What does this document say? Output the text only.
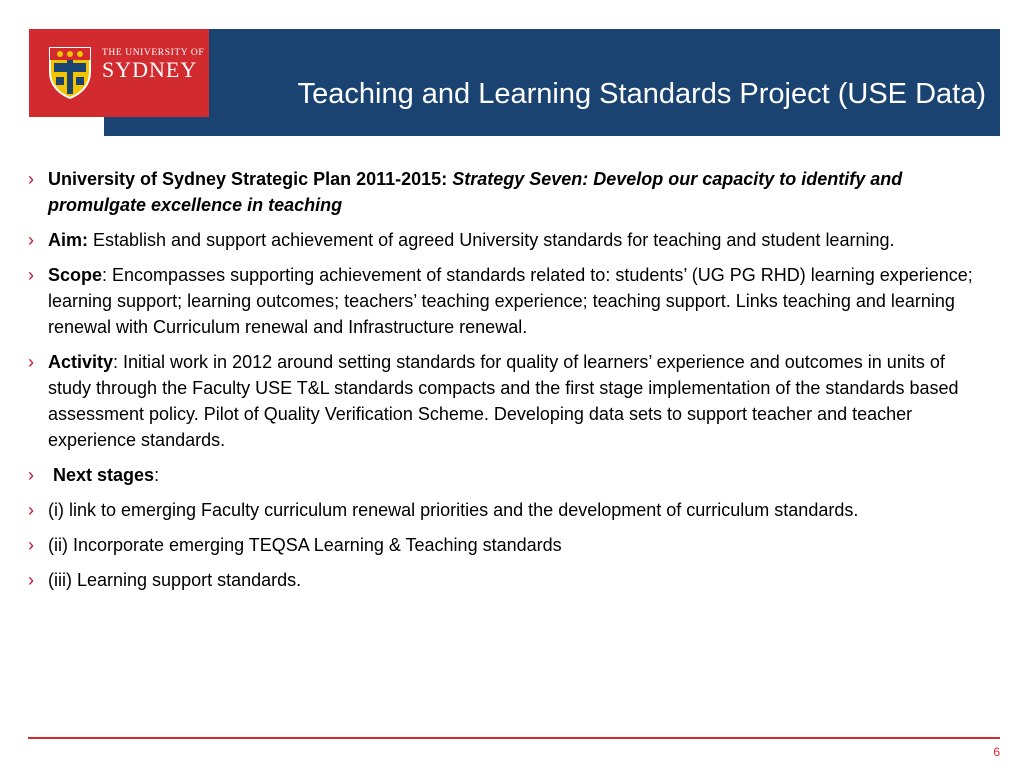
Teaching and Learning Standards Project (USE Data)
THE UNIVERSITY OF
SYDNEY
› University of Sydney Strategic Plan 2011-2015: Strategy Seven: Develop our capacity to identify and promulgate excellence in teaching
› Aim: Establish and support achievement of agreed University standards for teaching and student learning.
› Scope: Encompasses supporting achievement of standards related to: students’ (UG PG RHD) learning experience; learning support; learning outcomes; teachers’ teaching experience; teaching support. Links teaching and learning renewal with Curriculum renewal and Infrastructure renewal.
› Activity: Initial work in 2012 around setting standards for quality of learners’ experience and outcomes in units of study through the Faculty USE T&L standards compacts and the first stage implementation of the standards based assessment policy. Pilot of Quality Verification Scheme. Developing data sets to support teacher and teacher experience standards.
› Next stages:
› (i) link to emerging Faculty curriculum renewal priorities and the development of curriculum standards.
› (ii) Incorporate emerging TEQSA Learning & Teaching standards
› (iii) Learning support standards.
6
